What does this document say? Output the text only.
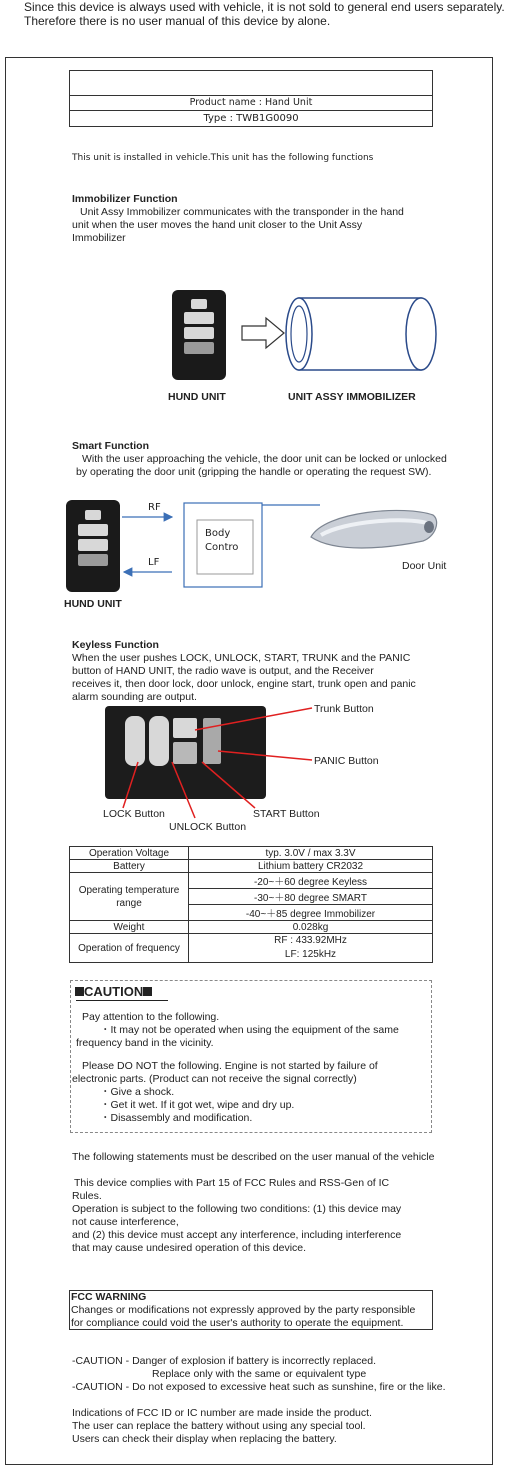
Since this device is always used with vehicle, it is not sold to general end users separately.
Therefore there is no user manual of this device by alone.
Product name : Hand Unit
Type : TWB1G0090
This unit is installed in vehicle.This unit has the following functions
Immobilizer Function
Unit Assy Immobilizer communicates with the transponder in the hand
unit when the user moves the hand unit closer to the Unit Assy
Immobilizer
HUND UNIT	UNIT ASSY IMMOBILIZER
Smart Function
With the user approaching the vehicle, the door unit can be locked or unlocked
by operating the door unit (gripping the handle or operating the request SW).
RF
LF
Body
Contro
Door Unit
HUND UNIT
Keyless Function
When the user pushes LOCK, UNLOCK, START, TRUNK and the PANIC
button of HAND UNIT, the radio wave is output, and the Receiver
receives it, then door lock, door unlock, engine start, trunk open and panic
alarm sounding are output.
Trunk Button
PANIC Button
LOCK Button	START Button
UNLOCK Button
Operation Voltage	typ. 3.0V / max 3.3V
Battery	Lithium battery CR2032

Operating temperature
range	-20~＋60 degree Keyless
	-30~＋80 degree SMART
	-40~＋85 degree Immobilizer
Weight	0.028kg
Operation of frequency	RF : 433.92MHz
LF: 125kHz
CAUTION
Pay attention to the following.
・It may not be operated when using the equipment of the same
frequency band in the vicinity.
Please DO NOT the following. Engine is not started by failure of
electronic parts. (Product can not receive the signal correctly)
・Give a shock.
・Get it wet. If it got wet, wipe and dry up.
・Disassembly and modification.
The following statements must be described on the user manual of the vehicle
This device complies with Part 15 of FCC Rules and RSS-Gen of IC
Rules.
Operation is subject to the following two conditions: (1) this device may
not cause interference,
and (2) this device must accept any interference, including interference
that may cause undesired operation of this device.
FCC WARNING
Changes or modifications not expressly approved by the party responsible
for compliance could void the user's authority to operate the equipment.
-CAUTION - Danger of explosion if battery is incorrectly replaced.
Replace only with the same or equivalent type
-CAUTION - Do not exposed to excessive heat such as sunshine, fire or the like.
Indications of FCC ID or IC number are made inside the product.
The user can replace the battery without using any special tool.
Users can check their display when replacing the battery.
